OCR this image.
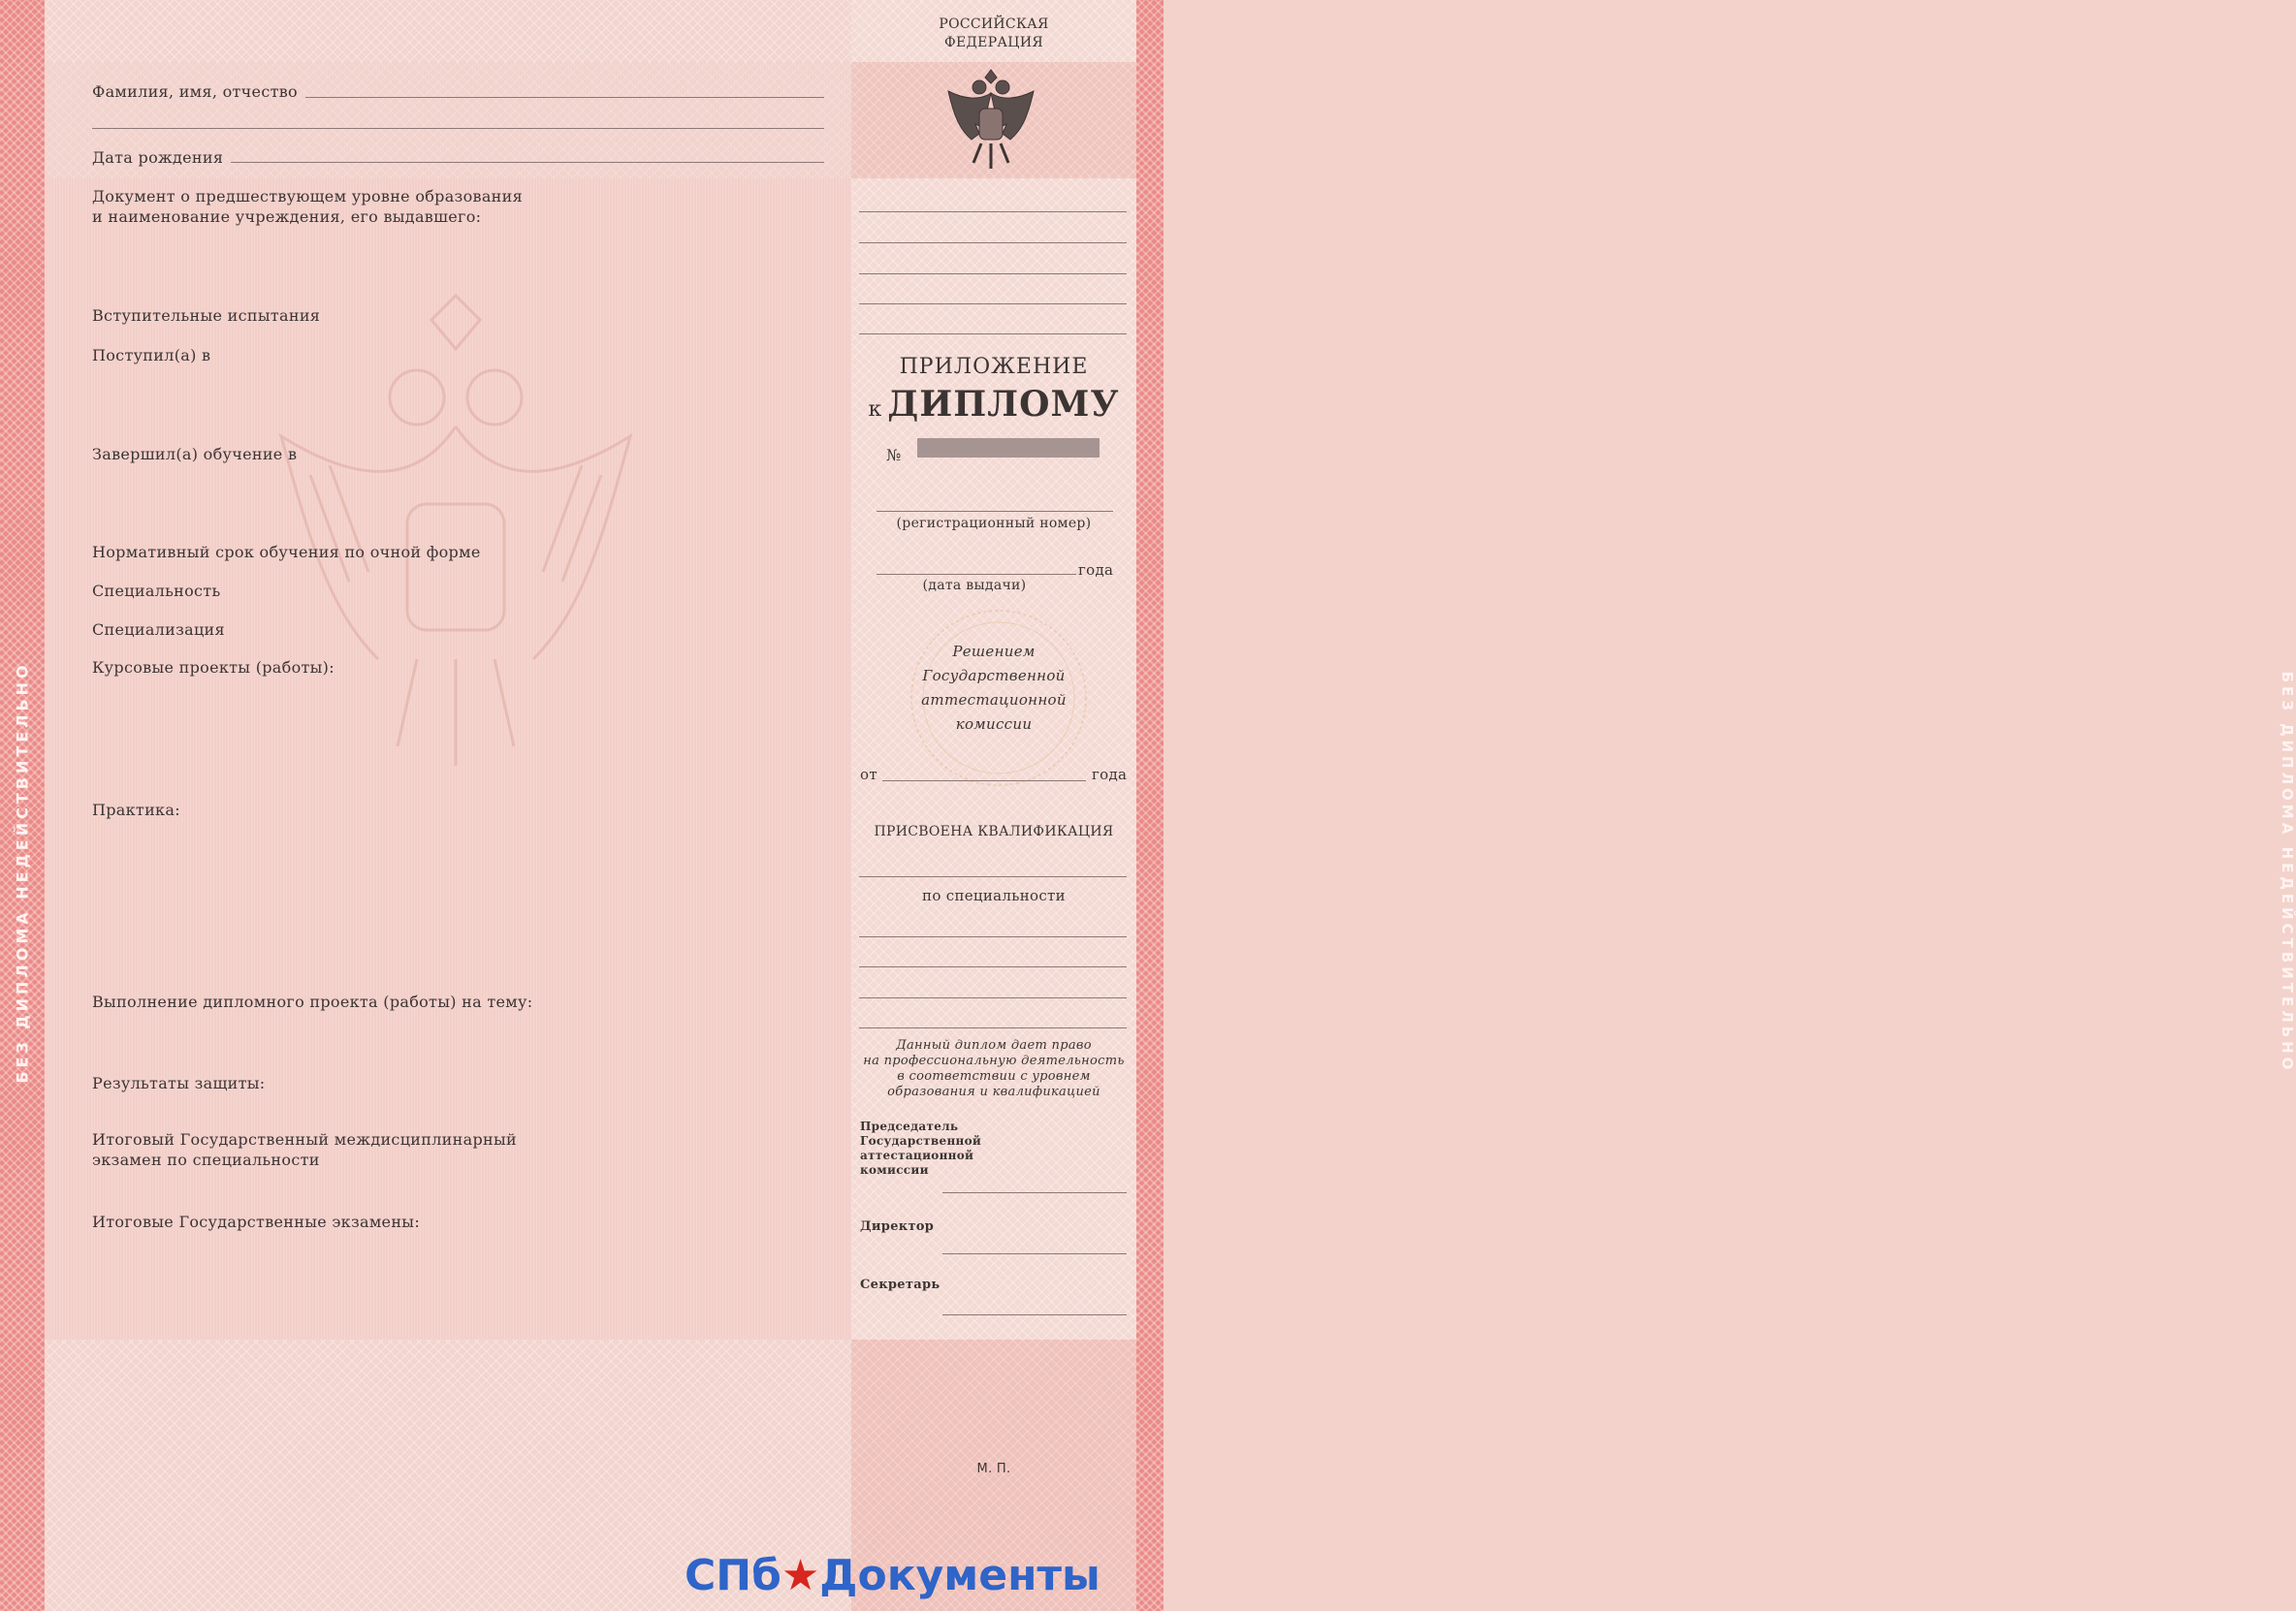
БЕЗ ДИПЛОМА НЕДЕЙСТВИТЕЛЬНО	БЕЗ ДИПЛОМА НЕДЕЙСТВИТЕЛЬНО
РОССИЙСКАЯ
ФЕДЕРАЦИЯ
Фамилия, имя, отчество
Дата рождения
Документ о предшествующем уровне образования
и наименование учреждения, его выдавшего:
Вступительные испытания
Поступил(а) в
Завершил(а) обучение в
Нормативный срок обучения по очной форме
Специальность
Специализация
Курсовые проекты (работы):
Практика:
Выполнение дипломного проекта (работы) на тему:
Результаты защиты:
Итоговый Государственный междисциплинарный
экзамен по специальности
Итоговые Государственные экзамены:
ПРИЛОЖЕНИЕ
к ДИПЛОМУ
№
(регистрационный номер)
года
(дата выдачи)
Решением
Государственной
аттестационной
комиссии
от	года
ПРИСВОЕНА КВАЛИФИКАЦИЯ
по специальности
Данный диплом дает право
на профессиональную деятельность
в соответствии с уровнем
образования и квалификацией
Председатель
Государственной
аттестационной
комиссии
Директор
Секретарь
М. П.
СПб★Документы
